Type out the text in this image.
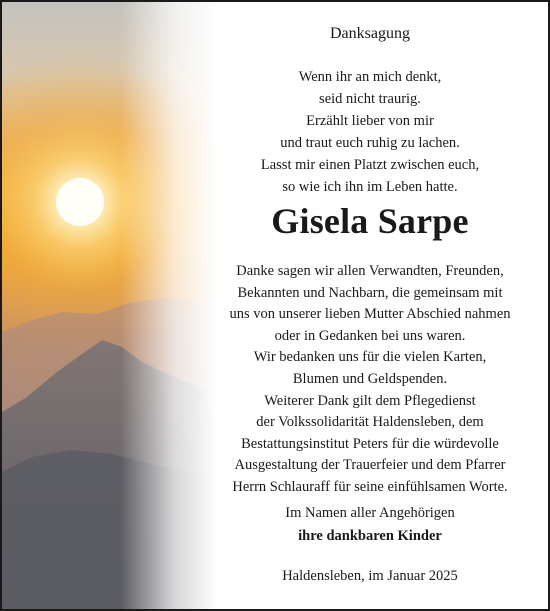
Danksagung
Wenn ihr an mich denkt,
seid nicht traurig.
Erzählt lieber von mir
und traut euch ruhig zu lachen.
Lasst mir einen Platzt zwischen euch,
so wie ich ihn im Leben hatte.
Gisela Sarpe
Danke sagen wir allen Verwandten, Freunden,
Bekannten und Nachbarn, die gemeinsam mit
uns von unserer lieben Mutter Abschied nahmen
oder in Gedanken bei uns waren.
Wir bedanken uns für die vielen Karten,
Blumen und Geldspenden.
Weiterer Dank gilt dem Pflegedienst
der Volkssolidarität Haldensleben, dem
Bestattungsinstitut Peters für die würdevolle
Ausgestaltung der Trauerfeier und dem Pfarrer
Herrn Schlauraff für seine einfühlsamen Worte.
Im Namen aller Angehörigen
ihre dankbaren Kinder
Haldensleben, im Januar 2025
